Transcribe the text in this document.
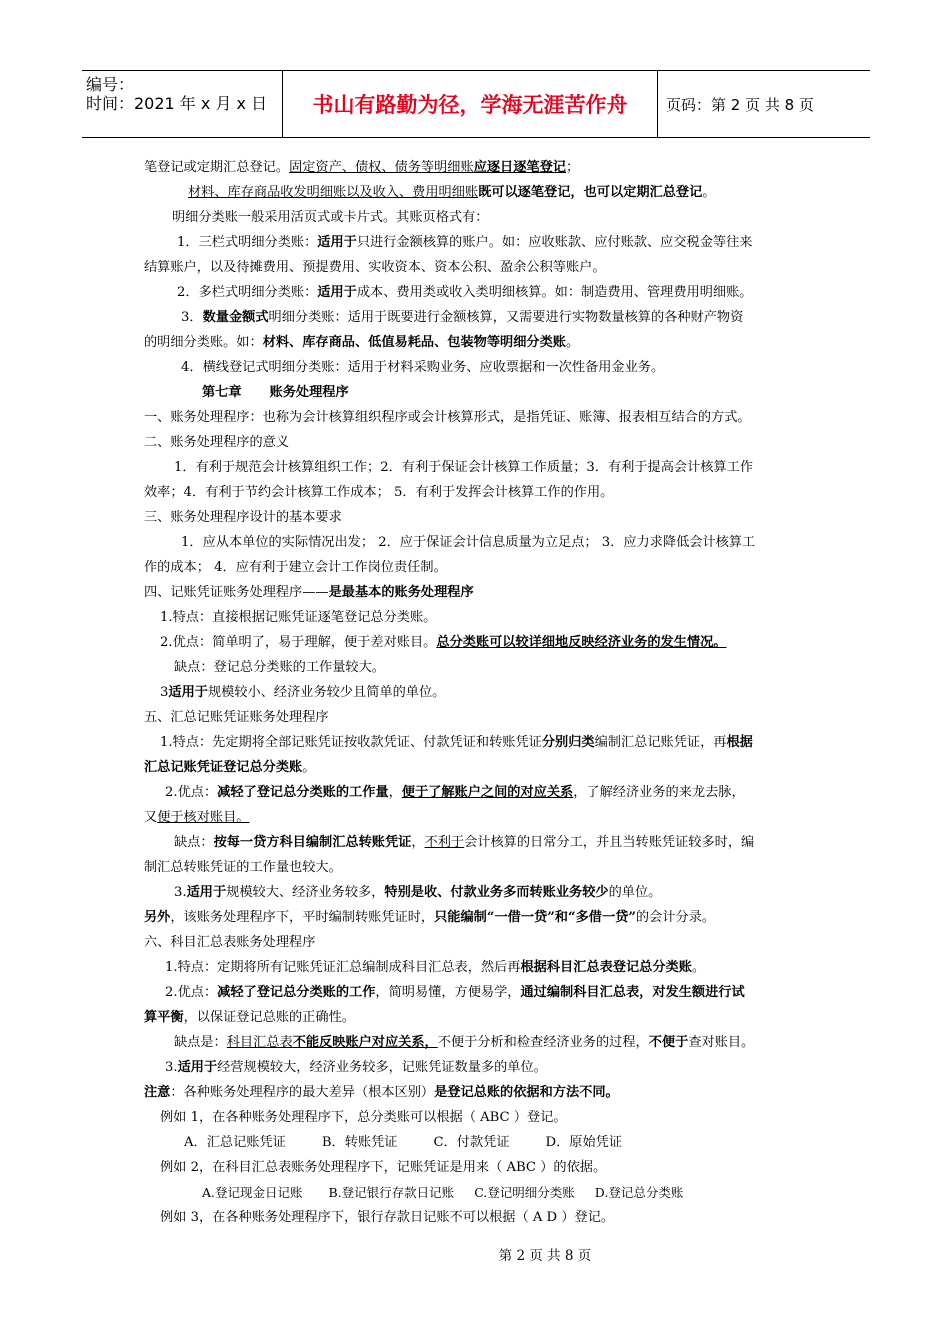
编号：
时间：2021 年 x 月 x 日	书山有路勤为径，学海无涯苦作舟	页码：第 2 页 共 8 页
笔登记或定期汇总登记。固定资产、债权、债务等明细账应逐日逐笔登记；
材料、库存商品收发明细账以及收入、费用明细账既可以逐笔登记，也可以定期汇总登记。
明细分类账一般采用活页式或卡片式。其账页格式有：
1．三栏式明细分类账：适用于只进行金额核算的账户。如：应收账款、应付账款、应交税金等往来
结算账户，以及待摊费用、预提费用、实收资本、资本公积、盈余公积等账户。
2．多栏式明细分类账：适用于成本、费用类或收入类明细核算。如：制造费用、管理费用明细账。
3．数量金额式明细分类账：适用于既要进行金额核算，又需要进行实物数量核算的各种财产物资
的明细分类账。如：材料、库存商品、低值易耗品、包装物等明细分类账。
4．横线登记式明细分类账：适用于材料采购业务、应收票据和一次性备用金业务。
第七章 账务处理程序
一、账务处理程序：也称为会计核算组织程序或会计核算形式，是指凭证、账簿、报表相互结合的方式。
二、账务处理程序的意义
1．有利于规范会计核算组织工作；2．有利于保证会计核算工作质量；3．有利于提高会计核算工作
效率；4．有利于节约会计核算工作成本； 5．有利于发挥会计核算工作的作用。
三、账务处理程序设计的基本要求
1．应从本单位的实际情况出发； 2．应于保证会计信息质量为立足点； 3．应力求降低会计核算工
作的成本； 4．应有利于建立会计工作岗位责任制。
四、记账凭证账务处理程序——是最基本的账务处理程序
1.特点：直接根据记账凭证逐笔登记总分类账。
2.优点：简单明了，易于理解，便于差对账目。总分类账可以较详细地反映经济业务的发生情况。
缺点：登记总分类账的工作量较大。
3适用于规模较小、经济业务较少且简单的单位。
五、汇总记账凭证账务处理程序
1.特点：先定期将全部记账凭证按收款凭证、付款凭证和转账凭证分别归类编制汇总记账凭证，再根据
汇总记账凭证登记总分类账。
2.优点：减轻了登记总分类账的工作量，便于了解账户之间的对应关系，了解经济业务的来龙去脉，
又便于核对账目。
缺点：按每一贷方科目编制汇总转账凭证，不利于会计核算的日常分工，并且当转账凭证较多时，编
制汇总转账凭证的工作量也较大。
3.适用于规模较大、经济业务较多，特别是收、付款业务多而转账业务较少的单位。
另外，该账务处理程序下，平时编制转账凭证时，只能编制“一借一贷”和“多借一贷”的会计分录。
六、科目汇总表账务处理程序
1.特点：定期将所有记账凭证汇总编制成科目汇总表，然后再根据科目汇总表登记总分类账。
2.优点：减轻了登记总分类账的工作，简明易懂，方便易学，通过编制科目汇总表，对发生额进行试
算平衡，以保证登记总账的正确性。
缺点是：科目汇总表不能反映账户对应关系，不便于分析和检查经济业务的过程，不便于查对账目。
3.适用于经营规模较大，经济业务较多，记账凭证数量多的单位。
注意：各种账务处理程序的最大差异（根本区别）是登记总账的依据和方法不同。
例如 1，在各种账务处理程序下，总分类账可以根据（ ABC ）登记。
A．汇总记账凭证	B．转账凭证	C．付款凭证	D．原始凭证
例如 2，在科目汇总表账务处理程序下，记账凭证是用来（ ABC ）的依据。
A.登记现金日记账 B.登记银行存款日记账 C.登记明细分类账 D.登记总分类账
例如 3，在各种账务处理程序下，银行存款日记账不可以根据（ A D ）登记。
第 2 页 共 8 页
